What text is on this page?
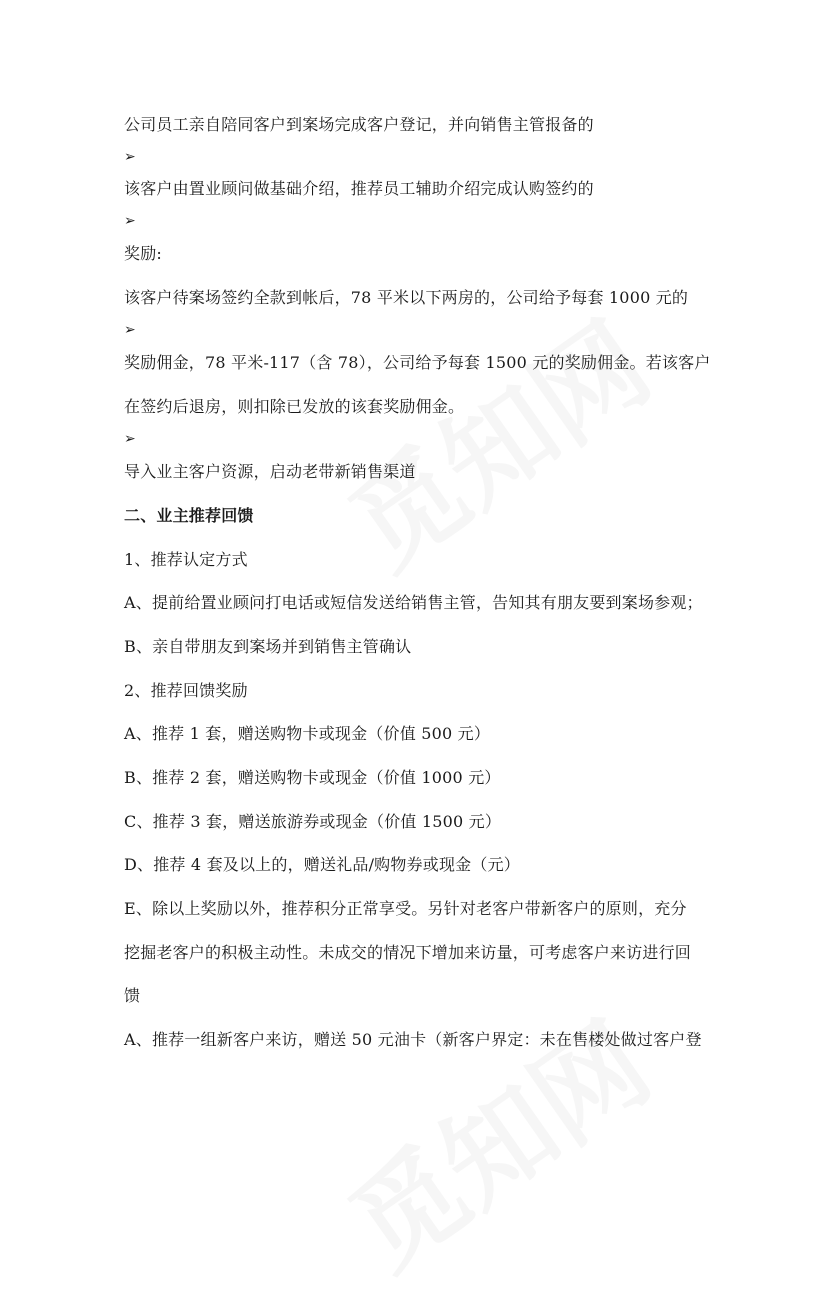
公司员工亲自陪同客户到案场完成客户登记，并向销售主管报备的
➢
该客户由置业顾问做基础介绍，推荐员工辅助介绍完成认购签约的
➢
奖励:
该客户待案场签约全款到帐后，78 平米以下两房的，公司给予每套 1000 元的
➢
奖励佣金，78 平米-117（含 78），公司给予每套 1500 元的奖励佣金。若该客户
在签约后退房，则扣除已发放的该套奖励佣金。
➢
导入业主客户资源，启动老带新销售渠道
二、业主推荐回馈
1、推荐认定方式
A、提前给置业顾问打电话或短信发送给销售主管，告知其有朋友要到案场参观；
B、亲自带朋友到案场并到销售主管确认
2、推荐回馈奖励
A、推荐 1 套，赠送购物卡或现金（价值 500 元）
B、推荐 2 套，赠送购物卡或现金（价值 1000 元）
C、推荐 3 套，赠送旅游券或现金（价值 1500 元）
D、推荐 4 套及以上的，赠送礼品/购物券或现金（元）
E、除以上奖励以外，推荐积分正常享受。另针对老客户带新客户的原则，充分
挖掘老客户的积极主动性。未成交的情况下增加来访量，可考虑客户来访进行回
馈
A、推荐一组新客户来访，赠送 50 元油卡（新客户界定：未在售楼处做过客户登
